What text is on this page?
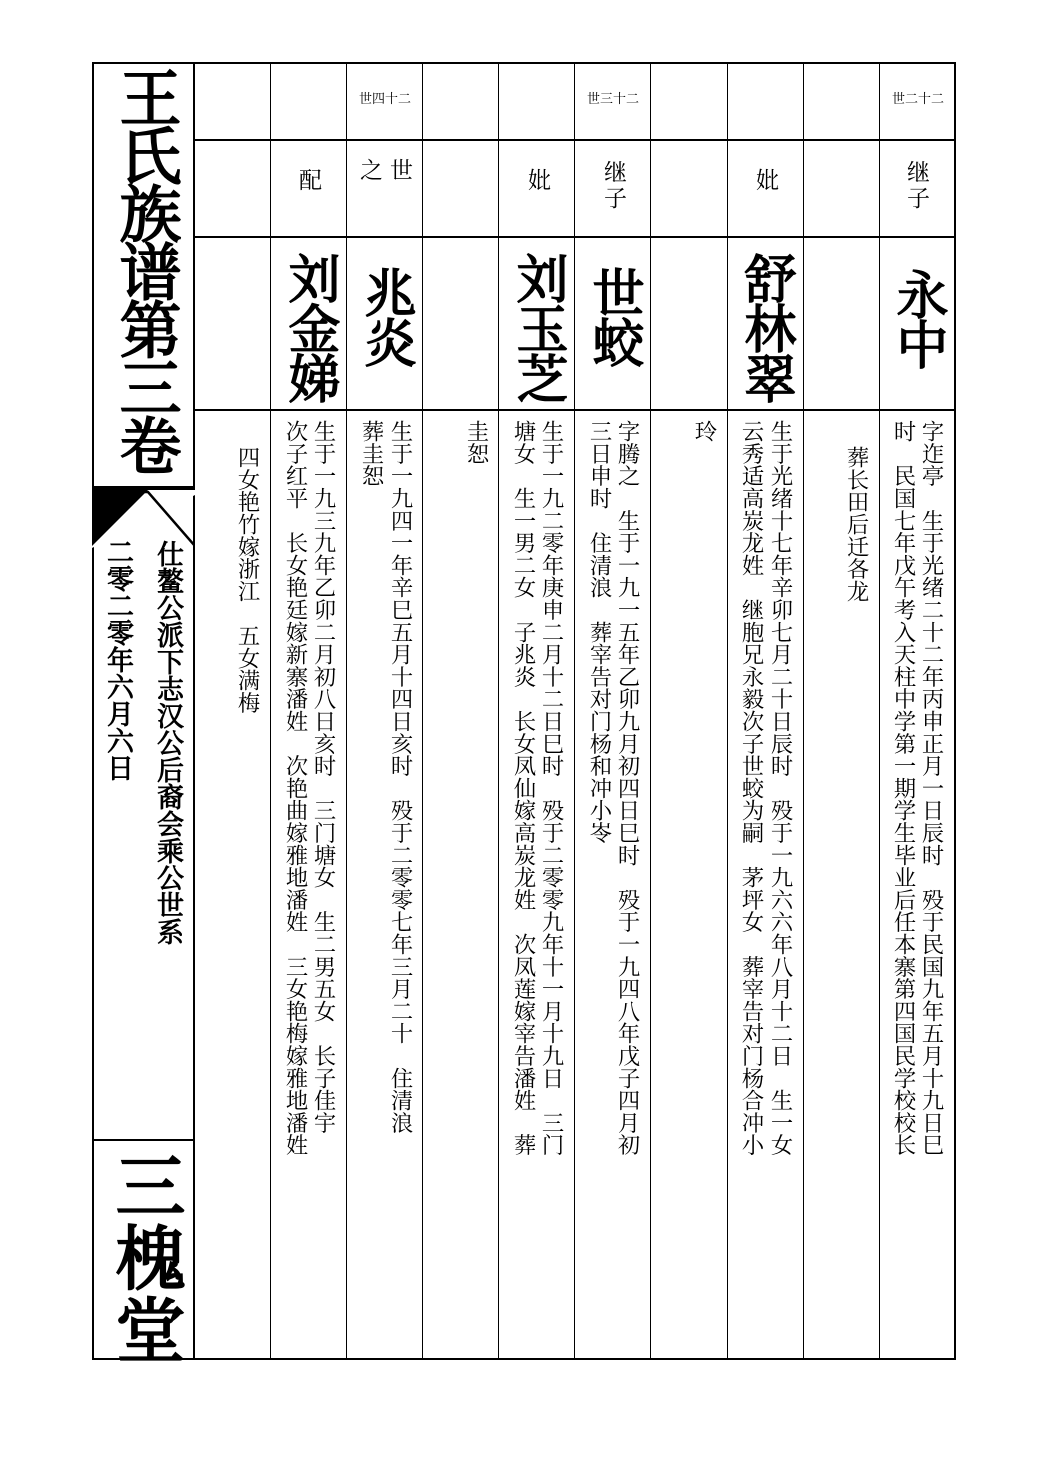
王氏族谱第三卷
仕鳌公派下志汉公后裔会乘公世系
二零二零年六月六日
三槐堂
世二十二
世三十二
世四十二
继
子
妣
继
子
妣
世
之
配
永中
舒林翠
世蛟
刘玉芝
兆炎
刘金娣
字迮亭　生于光绪二十二年丙申正月一日辰时　殁于民国九年五月十九日巳
时　民国七年戊午考入天柱中学第一期学生毕业后任本寨第四国民学校校长
葬长田后迁各龙
生于光绪十七年辛卯七月二十日辰时　殁于一九六六年八月十二日　生一女
云秀适高炭龙姓　继胞兄永毅次子世蛟为嗣　茅坪女　葬宰告对门杨合冲小
玲
字腾之　生于一九一五年乙卯九月初四日巳时　殁于一九四八年戊子四月初
三日申时　住清浪　葬宰告对门杨和冲小岺
生于一九二零年庚申二月十二日巳时　殁于二零零九年十一月十九日　三门
塘女　生一男二女　子兆炎　长女凤仙嫁高炭龙姓　次凤莲嫁宰告潘姓　葬
圭恕
生于一九四一年辛巳五月十四日亥时　殁于二零零七年三月二十　住清浪
葬圭恕
生于一九三九年乙卯二月初八日亥时　三门塘女　生二男五女　长子佳宇
次子红平　长女艳廷嫁新寨潘姓　次艳曲嫁雅地潘姓　三女艳梅嫁雅地潘姓
四女艳竹嫁浙江　五女满梅
